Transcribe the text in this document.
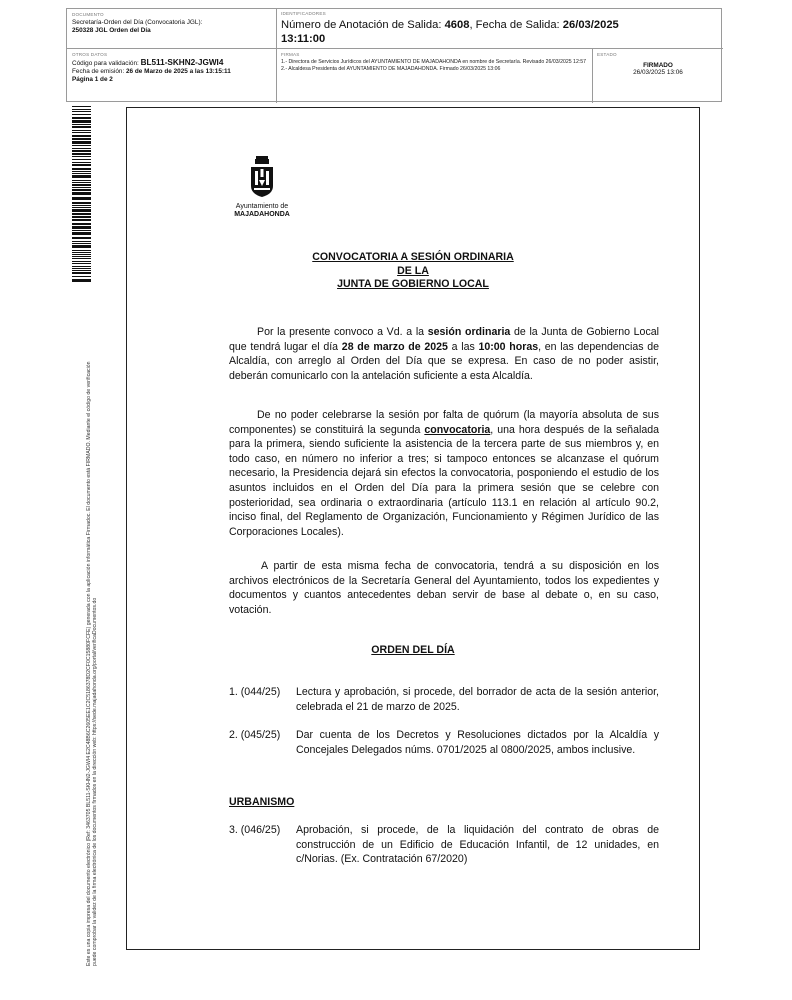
DOCUMENTO
Secretaría-Orden del Día (Convocatoria JGL):
250328 JGL Orden del Día
IDENTIFICADORES
Número de Anotación de Salida: 4608, Fecha de Salida: 26/03/2025
13:11:00
OTROS DATOS
Código para validación: BL511-SKHN2-JGWI4
Fecha de emisión: 26 de Marzo de 2025 a las 13:15:11
Página 1 de 2
FIRMAS
1.- Directora de Servicios Jurídicos del AYUNTAMIENTO DE MAJADAHONDA en nombre de Secretaría. Revisado 26/03/2025 12:57
2.- Alcaldesa Presidenta del AYUNTAMIENTO DE MAJADAHONDA. Firmado 26/03/2025 13:06
ESTADO
FIRMADO
26/03/2025 13:06
Este es una copia impresa del documento electrónico (Ref: 3463705 BL511-SKHN2-JGWI4 E2C48B6C2605EE1C2C5186378D2CF0C15880FCFE) generada con la aplicación informática Firmadoc. El documento está FIRMADO. Mediante el código de verificación puede comprobar la validez de la firma electrónica de los documentos firmados en la dirección web: https://sede.majadahonda.org/portal/verificaDocumentos.do
Ayuntamiento de
MAJADAHONDA
CONVOCATORIA A SESIÓN ORDINARIA
DE LA
JUNTA DE GOBIERNO LOCAL
Por la presente convoco a Vd. a la sesión ordinaria de la Junta de Gobierno Local que tendrá lugar el día 28 de marzo de 2025 a las 10:00 horas, en las dependencias de Alcaldía, con arreglo al Orden del Día que se expresa. En caso de no poder asistir, deberán comunicarlo con la antelación suficiente a esta Alcaldía.
De no poder celebrarse la sesión por falta de quórum (la mayoría absoluta de sus componentes) se constituirá la segunda convocatoria, una hora después de la señalada para la primera, siendo suficiente la asistencia de la tercera parte de sus miembros y, en todo caso, en número no inferior a tres; si tampoco entonces se alcanzase el quórum necesario, la Presidencia dejará sin efectos la convocatoria, posponiendo el estudio de los asuntos incluidos en el Orden del Día para la primera sesión que se celebre con posterioridad, sea ordinaria o extraordinaria (artículo 113.1 en relación al artículo 90.2, inciso final, del Reglamento de Organización, Funcionamiento y Régimen Jurídico de las Corporaciones Locales).
A partir de esta misma fecha de convocatoria, tendrá a su disposición en los archivos electrónicos de la Secretaría General del Ayuntamiento, todos los expedientes y documentos y cuantos antecedentes deban servir de base al debate o, en su caso, votación.
ORDEN DEL DÍA
1. (044/25)	Lectura y aprobación, si procede, del borrador de acta de la sesión anterior, celebrada el 21 de marzo de 2025.
2. (045/25)	Dar cuenta de los Decretos y Resoluciones dictados por la Alcaldía y Concejales Delegados núms. 0701/2025 al 0800/2025, ambos inclusive.
URBANISMO
3. (046/25)	Aprobación, si procede, de la liquidación del contrato de obras de construcción de un Edificio de Educación Infantil, de 12 unidades, en c/Norias. (Ex. Contratación 67/2020)
